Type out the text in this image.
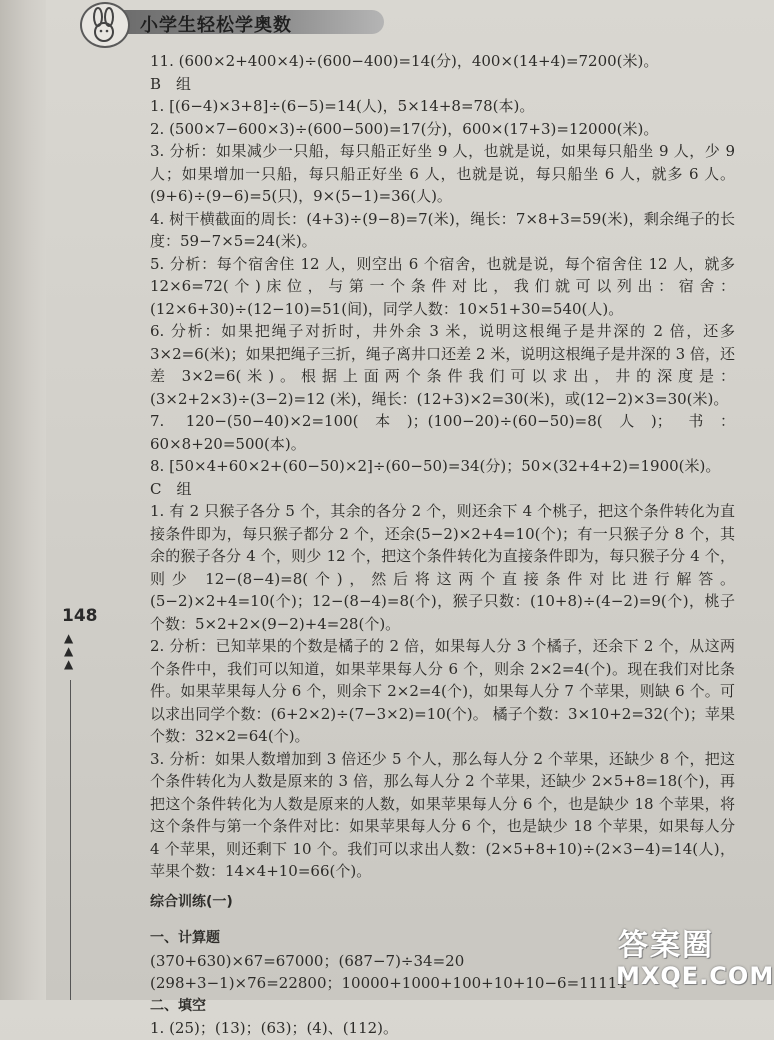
小学生轻松学奥数
148
▲
▲
▲

11. (600×2+400×4)÷(600−400)=14(分)，400×(14+4)=7200(米)。

B　组

1. [(6−4)×3+8]÷(6−5)=14(人)，5×14+8=78(本)。

2. (500×7−600×3)÷(600−500)=17(分)，600×(17+3)=12000(米)。

3. 分析：如果减少一只船，每只船正好坐 9 人，也就是说，如果每只船坐 9 人，少 9 人；如果增加一只船，每只船正好坐 6 人，也就是说，每只船坐 6 人，就多 6 人。(9+6)÷(9−6)=5(只)，9×(5−1)=36(人)。

4. 树干横截面的周长：(4+3)÷(9−8)=7(米)，绳长：7×8+3=59(米)，剩余绳子的长度：59−7×5=24(米)。

5. 分析：每个宿舍住 12 人，则空出 6 个宿舍，也就是说，每个宿舍住 12 人，就多 12×6=72(个)床位，与第一个条件对比，我们就可以列出：宿舍：(12×6+30)÷(12−10)=51(间)，同学人数：10×51+30=540(人)。

6. 分析：如果把绳子对折时，井外余 3 米，说明这根绳子是井深的 2 倍，还多 3×2=6(米)；如果把绳子三折，绳子离井口还差 2 米，说明这根绳子是井深的 3 倍，还差 3×2=6(米)。根据上面两个条件我们可以求出，井的深度是：(3×2+2×3)÷(3−2)=12 (米)，绳长：(12+3)×2=30(米)，或(12−2)×3=30(米)。

7. 120−(50−40)×2=100(本)；(100−20)÷(60−50)=8(人)；书：60×8+20=500(本)。

8. [50×4+60×2+(60−50)×2]÷(60−50)=34(分)；50×(32+4+2)=1900(米)。

C　组

1. 有 2 只猴子各分 5 个，其余的各分 2 个，则还余下 4 个桃子，把这个条件转化为直接条件即为，每只猴子都分 2 个，还余(5−2)×2+4=10(个)；有一只猴子分 8 个，其余的猴子各分 4 个，则少 12 个，把这个条件转化为直接条件即为，每只猴子分 4 个，则少 12−(8−4)=8(个)，然后将这两个直接条件对比进行解答。(5−2)×2+4=10(个)；12−(8−4)=8(个)，猴子只数：(10+8)÷(4−2)=9(个)，桃子个数：5×2+2×(9−2)+4=28(个)。

2. 分析：已知苹果的个数是橘子的 2 倍，如果每人分 3 个橘子，还余下 2 个，从这两个条件中，我们可以知道，如果苹果每人分 6 个，则余 2×2=4(个)。现在我们对比条件。如果苹果每人分 6 个，则余下 2×2=4(个)，如果每人分 7 个苹果，则缺 6 个。可以求出同学个数：(6+2×2)÷(7−3×2)=10(个)。 橘子个数：3×10+2=32(个)；苹果个数：32×2=64(个)。

3. 分析：如果人数增加到 3 倍还少 5 个人，那么每人分 2 个苹果，还缺少 8 个，把这个条件转化为人数是原来的 3 倍，那么每人分 2 个苹果，还缺少 2×5+8=18(个)，再把这个条件转化为人数是原来的人数，如果苹果每人分 6 个，也是缺少 18 个苹果，将这个条件与第一个条件对比：如果苹果每人分 6 个，也是缺少 18 个苹果，如果每人分 4 个苹果，则还剩下 10 个。我们可以求出人数：(2×5+8+10)÷(2×3−4)=14(人)，苹果个数：14×4+10=66(个)。

综合训练(一)

一、计算题

(370+630)×67=67000；(687−7)÷34=20

(298+3−1)×76=22800；10000+1000+100+10+10−6=11114

二、填空

1. (25)；(13)；(63)；(4)、(112)。

答案圈
MXQE.COM
